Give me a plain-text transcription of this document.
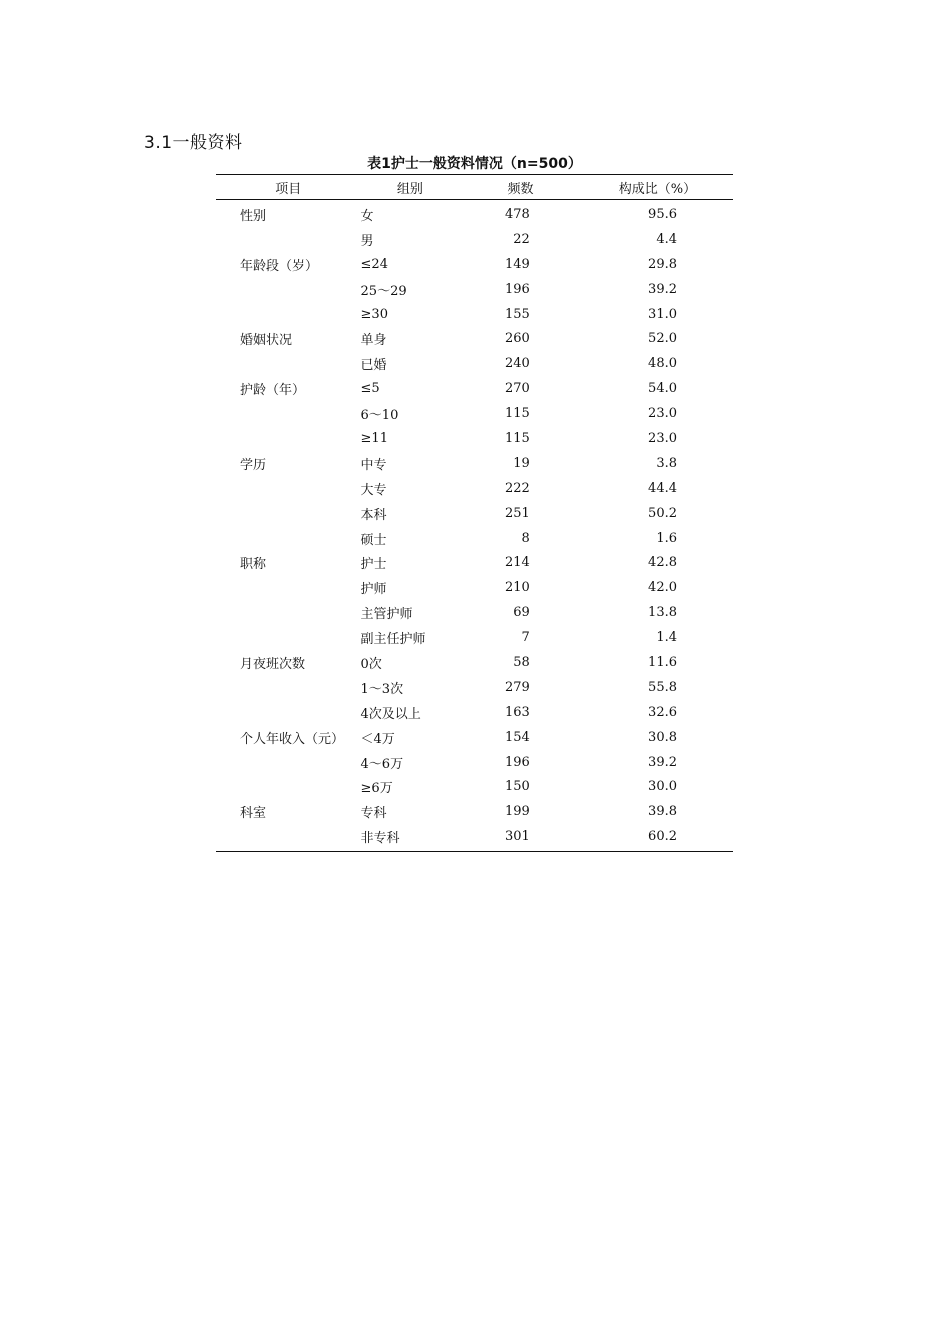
3.1一般资料
表1护士一般资料情况（n=500）
项目	组别	频数	构成比（%）
性别	女	478	95.6
	男	22	4.4
年龄段（岁）	≤24	149	29.8
	25～29	196	39.2
	≥30	155	31.0
婚姻状况	单身	260	52.0
	已婚	240	48.0
护龄（年）	≤5	270	54.0
	6～10	115	23.0
	≥11	115	23.0
学历	中专	19	3.8
	大专	222	44.4
	本科	251	50.2
	硕士	8	1.6
职称	护士	214	42.8
	护师	210	42.0
	主管护师	69	13.8
	副主任护师	7	1.4
月夜班次数	0次	58	11.6
	1～3次	279	55.8
	4次及以上	163	32.6
个人年收入（元）	＜4万	154	30.8
	4～6万	196	39.2
	≥6万	150	30.0
科室	专科	199	39.8
	非专科	301	60.2
